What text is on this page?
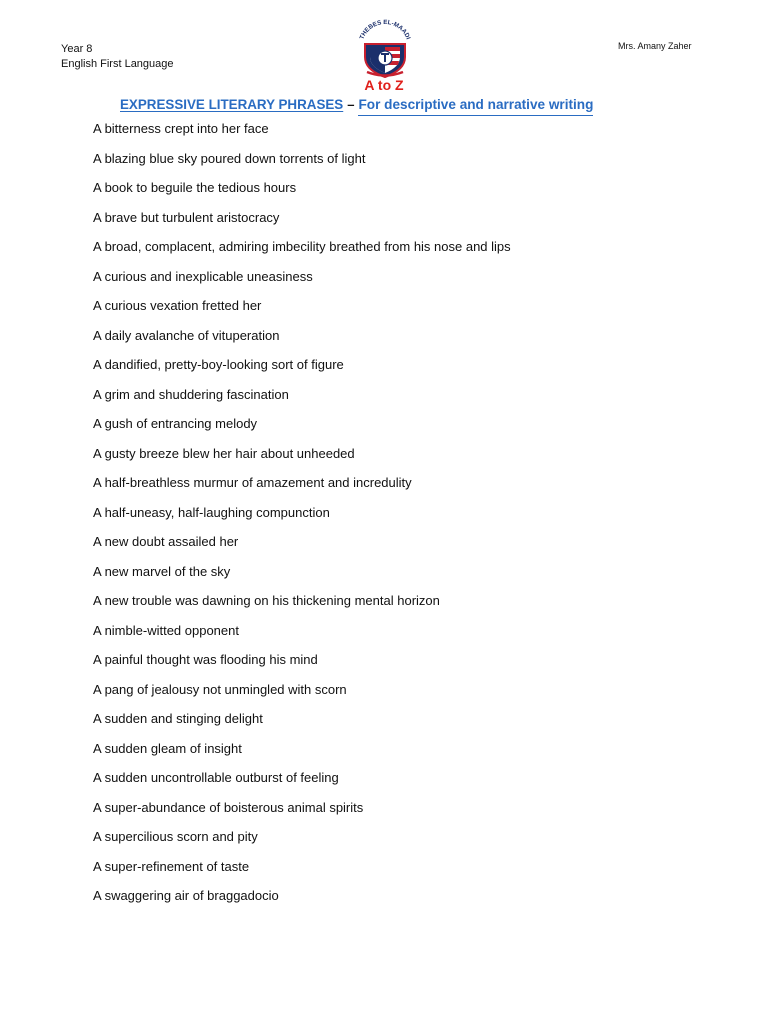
Year 8
English First Language
Mrs. Amany Zaher
THEBES EL-MAADI
A to Z
EXPRESSIVE LITERARY PHRASES – For descriptive and narrative writing
A bitterness crept into her face
A blazing blue sky poured down torrents of light
A book to beguile the tedious hours
A brave but turbulent aristocracy
A broad, complacent, admiring imbecility breathed from his nose and lips
A curious and inexplicable uneasiness
A curious vexation fretted her
A daily avalanche of vituperation
A dandified, pretty-boy-looking sort of figure
A grim and shuddering fascination
A gush of entrancing melody
A gusty breeze blew her hair about unheeded
A half-breathless murmur of amazement and incredulity
A half-uneasy, half-laughing compunction
A new doubt assailed her
A new marvel of the sky
A new trouble was dawning on his thickening mental horizon
A nimble-witted opponent
A painful thought was flooding his mind
A pang of jealousy not unmingled with scorn
A sudden and stinging delight
A sudden gleam of insight
A sudden uncontrollable outburst of feeling
A super-abundance of boisterous animal spirits
A supercilious scorn and pity
A super-refinement of taste
A swaggering air of braggadocio
